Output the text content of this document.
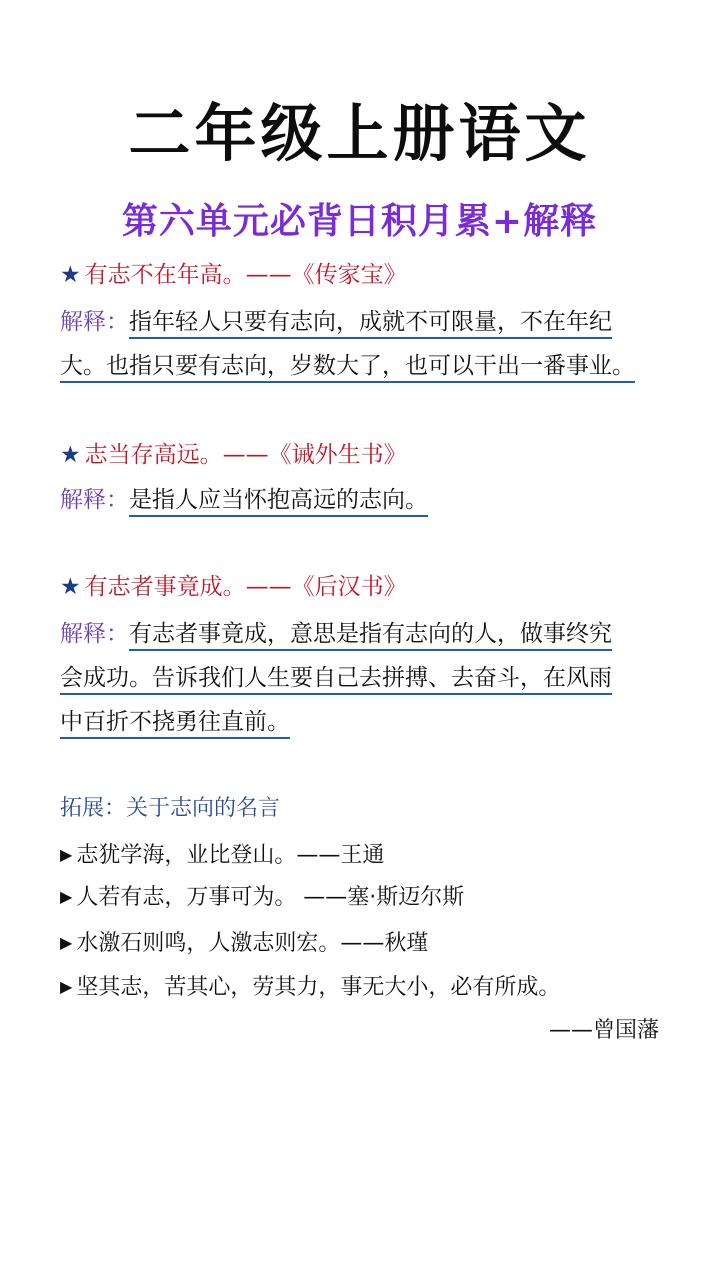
二年级上册语文
第六单元必背日积月累+解释
★ 有志不在年高。——《传家宝》
解释：指年轻人只要有志向，成就不可限量，不在年纪
大。也指只要有志向，岁数大了，也可以干出一番事业。
★ 志当存高远。——《诫外生书》
解释：是指人应当怀抱高远的志向。
★ 有志者事竟成。——《后汉书》
解释：有志者事竟成，意思是指有志向的人，做事终究
会成功。告诉我们人生要自己去拼搏、去奋斗，在风雨
中百折不挠勇往直前。
拓展：关于志向的名言
▶ 志犹学海，业比登山。——王通
▶ 人若有志，万事可为。 ——塞·斯迈尔斯
▶ 水激石则鸣，人激志则宏。——秋瑾
▶ 坚其志，苦其心，劳其力，事无大小，必有所成。
——曾国藩
